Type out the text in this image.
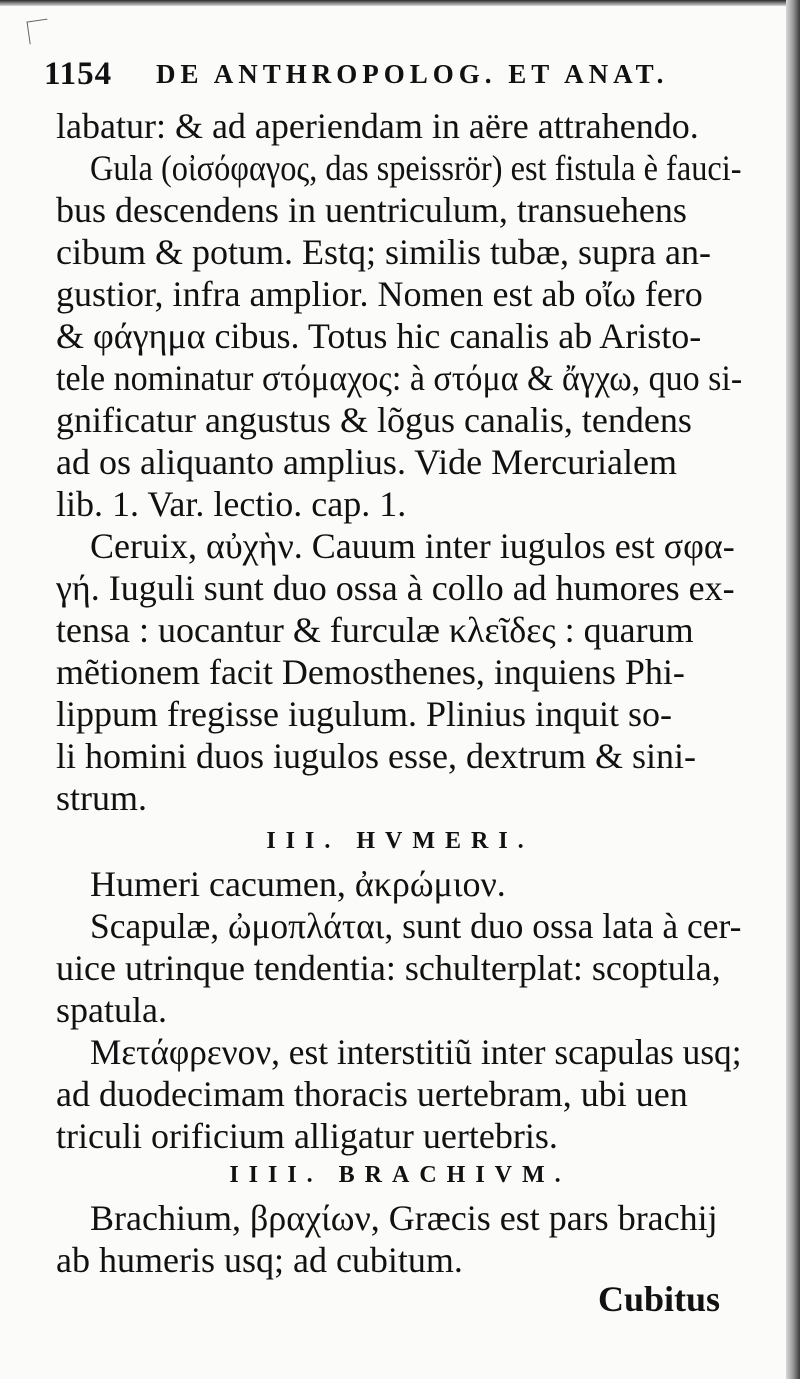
1154 DE ANTHROPOLOG. ET ANAT.
labatur: & ad aperiendam in aëre attrahendo.
Gula (οἰσόφαγος, das speissrör) est fistula è fauci-
bus descendens in uentriculum, transuehens
cibum & potum. Estq; similis tubæ, supra an-
gustior, infra amplior. Nomen est ab οἴω fero
& φάγημα cibus. Totus hic canalis ab Aristo-
tele nominatur στόμαχος: à στόμα & ἄγχω, quo si-
gnificatur angustus & lõgus canalis, tendens
ad os aliquanto amplius. Vide Mercurialem
lib. 1. Var. lectio. cap. 1.
Ceruix, αὐχὴν. Cauum inter iugulos est σφα-
γή. Iuguli sunt duo ossa à collo ad humores ex-
tensa : uocantur & furculæ κλεῖδες : quarum
mẽtionem facit Demosthenes, inquiens Phi-
lippum fregisse iugulum. Plinius inquit so-
li homini duos iugulos esse, dextrum & sini-
strum.
III. HVMERI.
Humeri cacumen, ἀκρώμιον.
Scapulæ, ὠμοπλάται, sunt duo ossa lata à cer-
uice utrinque tendentia: schulterplat: scoptula,
spatula.
Μετάφρενον, est interstitiũ inter scapulas usq;
ad duodecimam thoracis uertebram, ubi uen
triculi orificium alligatur uertebris.
IIII. BRACHIVM.
Brachium, βραχίων, Græcis est pars brachij
ab humeris usq; ad cubitum.
Cubitus
